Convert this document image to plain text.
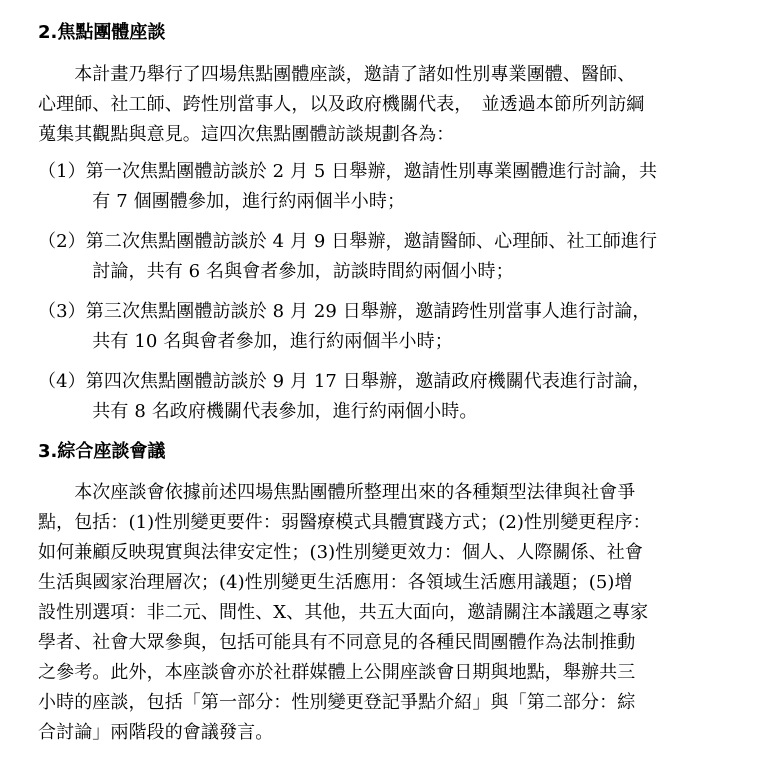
2.焦點團體座談
　　本計畫乃舉行了四場焦點團體座談，邀請了諸如性別專業團體、醫師、
心理師、社工師、跨性別當事人，以及政府機關代表，　並透過本節所列訪綱
蒐集其觀點與意見。這四次焦點團體訪談規劃各為：
（1）第一次焦點團體訪談於 2 月 5 日舉辦，邀請性別專業團體進行討論，共
　　　有 7 個團體參加，進行約兩個半小時；
（2）第二次焦點團體訪談於 4 月 9 日舉辦，邀請醫師、心理師、社工師進行
　　　討論，共有 6 名與會者參加，訪談時間約兩個小時；
（3）第三次焦點團體訪談於 8 月 29 日舉辦，邀請跨性別當事人進行討論，
　　　共有 10 名與會者參加，進行約兩個半小時；
（4）第四次焦點團體訪談於 9 月 17 日舉辦，邀請政府機關代表進行討論，
　　　共有 8 名政府機關代表參加，進行約兩個小時。
3.綜合座談會議
　　本次座談會依據前述四場焦點團體所整理出來的各種類型法律與社會爭
點，包括：(1)性別變更要件：弱醫療模式具體實踐方式；(2)性別變更程序：
如何兼顧反映現實與法律安定性；(3)性別變更效力：個人、人際關係、社會
生活與國家治理層次；(4)性別變更生活應用：各領域生活應用議題；(5)增
設性別選項：非二元、間性、X、其他，共五大面向，邀請關注本議題之專家
學者、社會大眾參與，包括可能具有不同意見的各種民間團體作為法制推動
之參考。此外，本座談會亦於社群媒體上公開座談會日期與地點，舉辦共三
小時的座談，包括「第一部分：性別變更登記爭點介紹」與「第二部分：綜
合討論」兩階段的會議發言。
